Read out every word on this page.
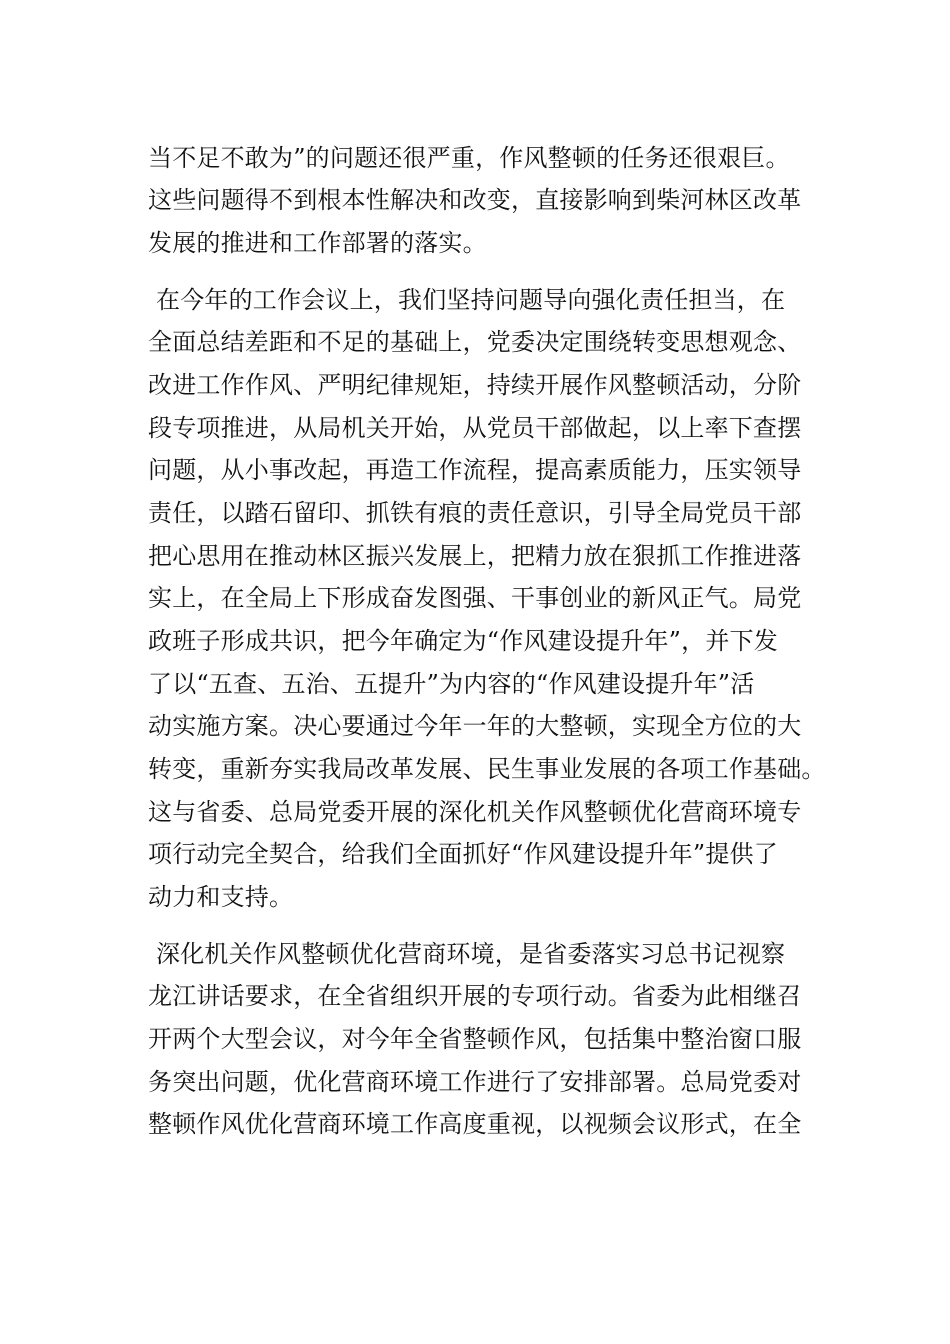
当不足不敢为”的问题还很严重，作风整顿的任务还很艰巨。
这些问题得不到根本性解决和改变，直接影响到柴河林区改革
发展的推进和工作部署的落实。
在今年的工作会议上，我们坚持问题导向强化责任担当，在
全面总结差距和不足的基础上，党委决定围绕转变思想观念、
改进工作作风、严明纪律规矩，持续开展作风整顿活动，分阶
段专项推进，从局机关开始，从党员干部做起，以上率下查摆
问题，从小事改起，再造工作流程，提高素质能力，压实领导
责任，以踏石留印、抓铁有痕的责任意识，引导全局党员干部
把心思用在推动林区振兴发展上，把精力放在狠抓工作推进落
实上，在全局上下形成奋发图强、干事创业的新风正气。局党
政班子形成共识，把今年确定为“作风建设提升年”，并下发
了以“五查、五治、五提升”为内容的“作风建设提升年”活
动实施方案。决心要通过今年一年的大整顿，实现全方位的大
转变，重新夯实我局改革发展、民生事业发展的各项工作基础。
这与省委、总局党委开展的深化机关作风整顿优化营商环境专
项行动完全契合，给我们全面抓好“作风建设提升年”提供了
动力和支持。
深化机关作风整顿优化营商环境，是省委落实习总书记视察
龙江讲话要求，在全省组织开展的专项行动。省委为此相继召
开两个大型会议，对今年全省整顿作风，包括集中整治窗口服
务突出问题，优化营商环境工作进行了安排部署。总局党委对
整顿作风优化营商环境工作高度重视，以视频会议形式，在全
